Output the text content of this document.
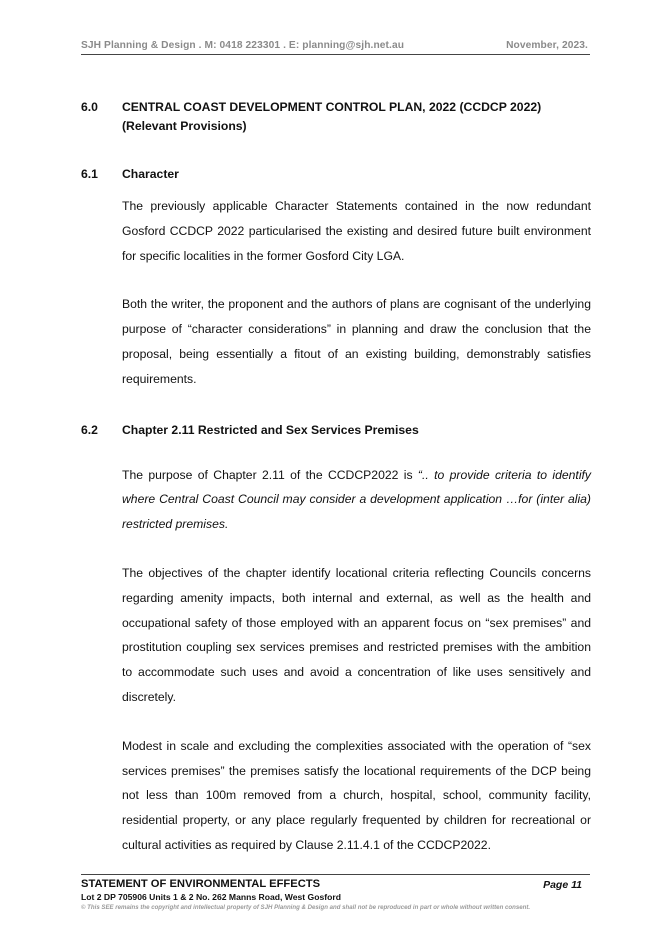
SJH Planning & Design . M: 0418 223301 . E: planning@sjh.net.au	November, 2023.
6.0	CENTRAL COAST DEVELOPMENT CONTROL PLAN, 2022 (CCDCP 2022)
(Relevant Provisions)
6.1	Character

The previously applicable Character Statements contained in the now redundant Gosford CCDCP 2022 particularised the existing and desired future built environment for specific localities in the former Gosford City LGA.

Both the writer, the proponent and the authors of plans are cognisant of the underlying purpose of “character considerations” in planning and draw the conclusion that the proposal, being essentially a fitout of an existing building, demonstrably satisfies requirements.

6.2	Chapter 2.11 Restricted and Sex Services Premises

The purpose of Chapter 2.11 of the CCDCP2022 is “.. to provide criteria to identify where Central Coast Council may consider a development application …for (inter alia) restricted premises.

The objectives of the chapter identify locational criteria reflecting Councils concerns regarding amenity impacts, both internal and external, as well as the health and occupational safety of those employed with an apparent focus on “sex premises” and prostitution coupling sex services premises and restricted premises with the ambition to accommodate such uses and avoid a concentration of like uses sensitively and discretely.

Modest in scale and excluding the complexities associated with the operation of “sex services premises” the premises satisfy the locational requirements of the DCP being not less than 100m removed from a church, hospital, school, community facility, residential property, or any place regularly frequented by children for recreational or cultural activities as required by Clause 2.11.4.1 of the CCDCP2022.

STATEMENT OF ENVIRONMENTAL EFFECTS	Page 11
Lot 2 DP 705906 Units 1 & 2 No. 262 Manns Road, West Gosford
© This SEE remains the copyright and intellectual property of SJH Planning & Design and shall not be reproduced in part or whole without written consent.
